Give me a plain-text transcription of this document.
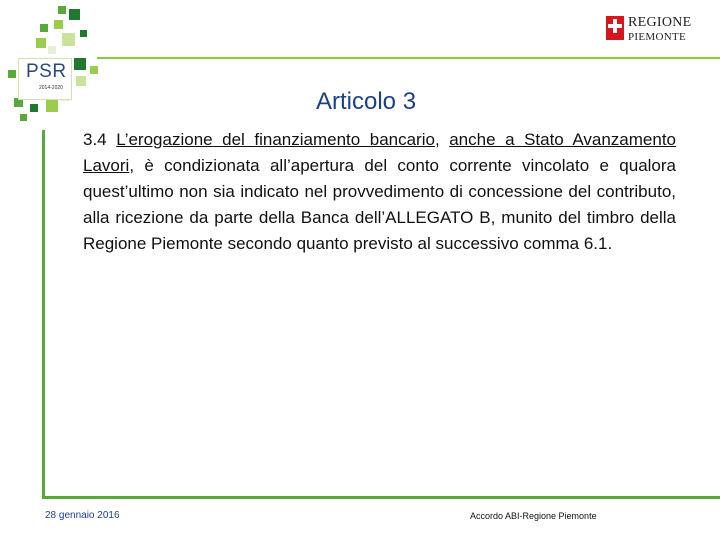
PSR
2014-2020
REGIONE
PIEMONTE
Articolo 3
3.4 L’erogazione del finanziamento bancario, anche a Stato Avanzamento Lavori, è condizionata all’apertura del conto corrente vincolato e qualora quest’ultimo non sia indicato nel provvedimento di concessione del contributo, alla ricezione da parte della Banca dell’ALLEGATO B, munito del timbro della Regione Piemonte secondo quanto previsto al successivo comma 6.1.
28 gennaio 2016	Accordo ABI-Regione Piemonte
